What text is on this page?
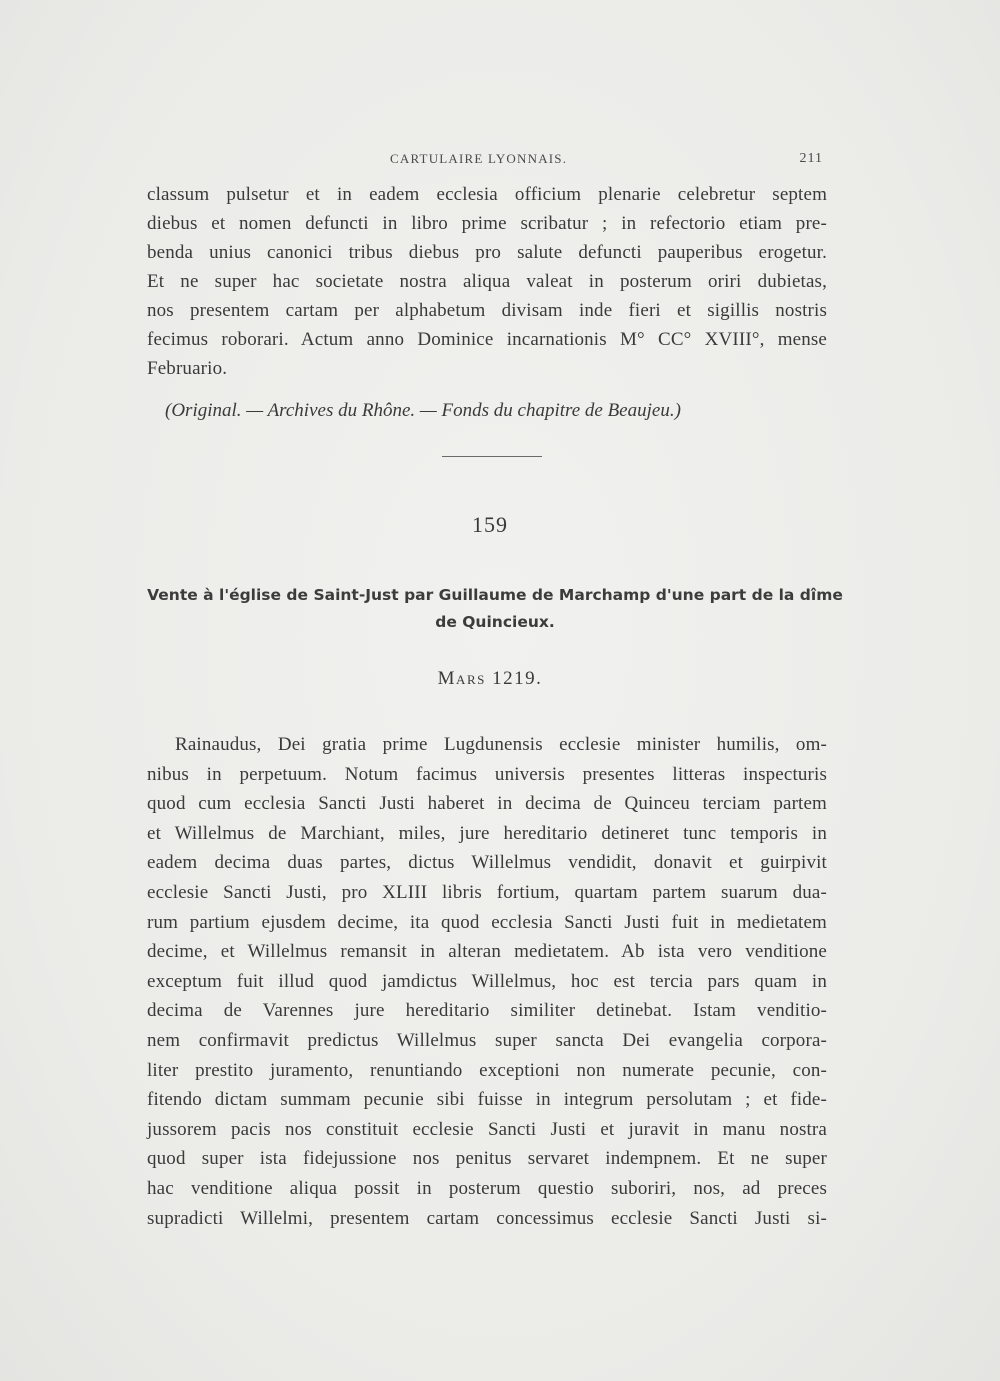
CARTULAIRE LYONNAIS.	211
classum pulsetur et in eadem ecclesia officium plenarie celebretur septem
diebus et nomen defuncti in libro prime scribatur ; in refectorio etiam pre-
benda unius canonici tribus diebus pro salute defuncti pauperibus erogetur.
Et ne super hac societate nostra aliqua valeat in posterum oriri dubietas,
nos presentem cartam per alphabetum divisam inde fieri et sigillis nostris
fecimus roborari. Actum anno Dominice incarnationis M° CC° XVIII°, mense
Februario.
(Original. — Archives du Rhône. — Fonds du chapitre de Beaujeu.)
159
Vente à l'église de Saint-Just par Guillaume de Marchamp d'une part de la dîme
de Quincieux.
Mars 1219.
Rainaudus, Dei gratia prime Lugdunensis ecclesie minister humilis, om-
nibus in perpetuum. Notum facimus universis presentes litteras inspecturis
quod cum ecclesia Sancti Justi haberet in decima de Quinceu terciam partem
et Willelmus de Marchiant, miles, jure hereditario detineret tunc temporis in
eadem decima duas partes, dictus Willelmus vendidit, donavit et guirpivit
ecclesie Sancti Justi, pro XLIII libris fortium, quartam partem suarum dua-
rum partium ejusdem decime, ita quod ecclesia Sancti Justi fuit in medietatem
decime, et Willelmus remansit in alteran medietatem. Ab ista vero venditione
exceptum fuit illud quod jamdictus Willelmus, hoc est tercia pars quam in
decima de Varennes jure hereditario similiter detinebat. Istam venditio-
nem confirmavit predictus Willelmus super sancta Dei evangelia corpora-
liter prestito juramento, renuntiando exceptioni non numerate pecunie, con-
fitendo dictam summam pecunie sibi fuisse in integrum persolutam ; et fide-
jussorem pacis nos constituit ecclesie Sancti Justi et juravit in manu nostra
quod super ista fidejussione nos penitus servaret indempnem. Et ne super
hac venditione aliqua possit in posterum questio suboriri, nos, ad preces
supradicti Willelmi, presentem cartam concessimus ecclesie Sancti Justi si-
